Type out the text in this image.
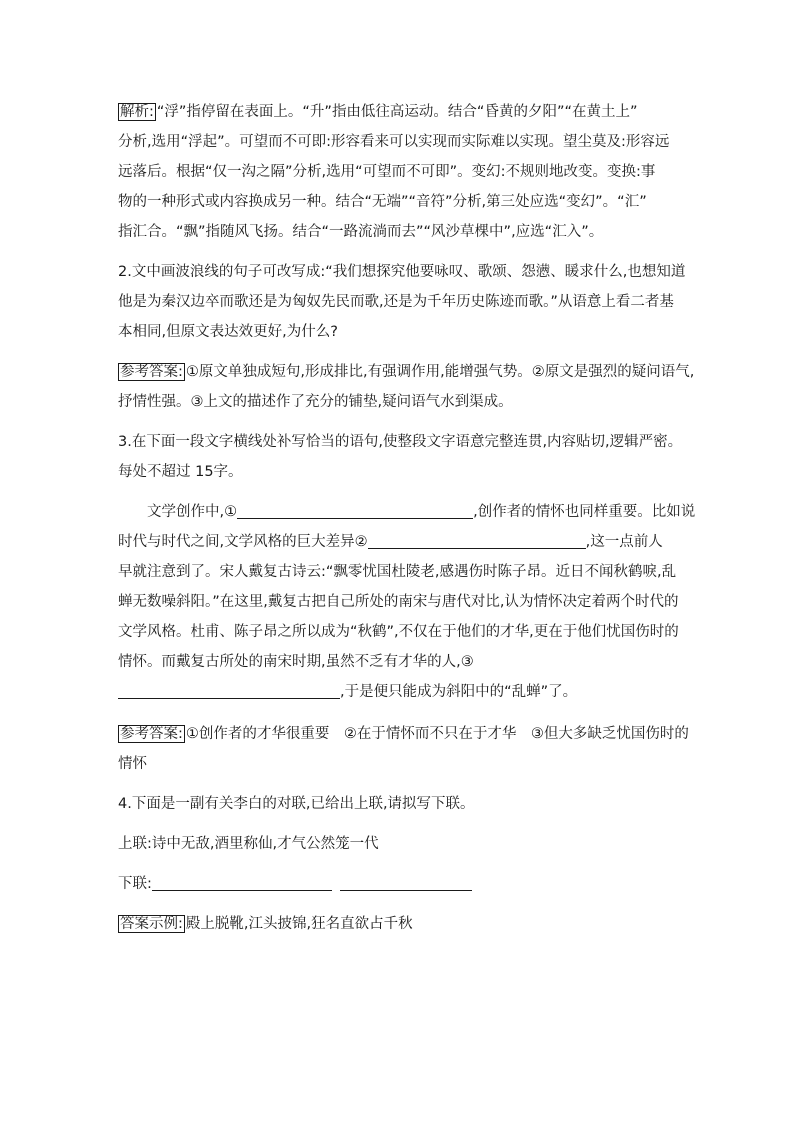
解析: “浮”指停留在表面上。“升”指由低往高运动。结合“昏黄的夕阳”“在黄土上”
分析,选用“浮起”。可望而不可即:形容看来可以实现而实际难以实现。望尘莫及:形容远
远落后。根据“仅一沟之隔”分析,选用“可望而不可即”。变幻:不规则地改变。变换:事
物的一种形式或内容换成另一种。结合“无端”“音符”分析,第三处应选“变幻”。“汇”
指汇合。“飘”指随风飞扬。结合“一路流淌而去”“风沙草棵中”,应选“汇入”。
2.文中画波浪线的句子可改写成:“我们想探究他要咏叹、歌颂、怨懑、䁔求什么,也想知道
他是为秦汉边卒而歌还是为匈奴先民而歌,还是为千年历史陈迹而歌。”从语意上看二者基
本相同,但原文表达效更好,为什么?
参考答案: ①原文单独成短句,形成排比,有强调作用,能增强气势。②原文是强烈的疑问语气,
抒情性强。③上文的描述作了充分的铺垫,疑问语气水到渠成。
3.在下面一段文字横线处补写恰当的语句,使整段文字语意完整连贯,内容贴切,逻辑严密。
每处不超过 15字。
文学创作中,①	,创作者的情怀也同样重要。比如说
时代与时代之间,文学风格的巨大差异②	,这一点前人
早就注意到了。宋人戴复古诗云:“飘零忧国杜陵老,感遇伤时陈子昂。近日不闻秋鹤唳,乱
蝉无数噪斜阳。”在这里,戴复古把自己所处的南宋与唐代对比,认为情怀决定着两个时代的
文学风格。杜甫、陈子昂之所以成为“秋鹤”,不仅在于他们的才华,更在于他们忧国伤时的
情怀。而戴复古所处的南宋时期,虽然不乏有才华的人,③
,于是便只能成为斜阳中的“乱蝉”了。
参考答案: ①创作者的才华很重要　②在于情怀而不只在于才华　③但大多缺乏忧国伤时的
情怀
4.下面是一副有关李白的对联,已给出上联,请拟写下联。
上联:诗中无敌,酒里称仙,才气公然笼一代
下联:
答案示例: 殿上脱靴,江头披锦,狂名直欲占千秋
